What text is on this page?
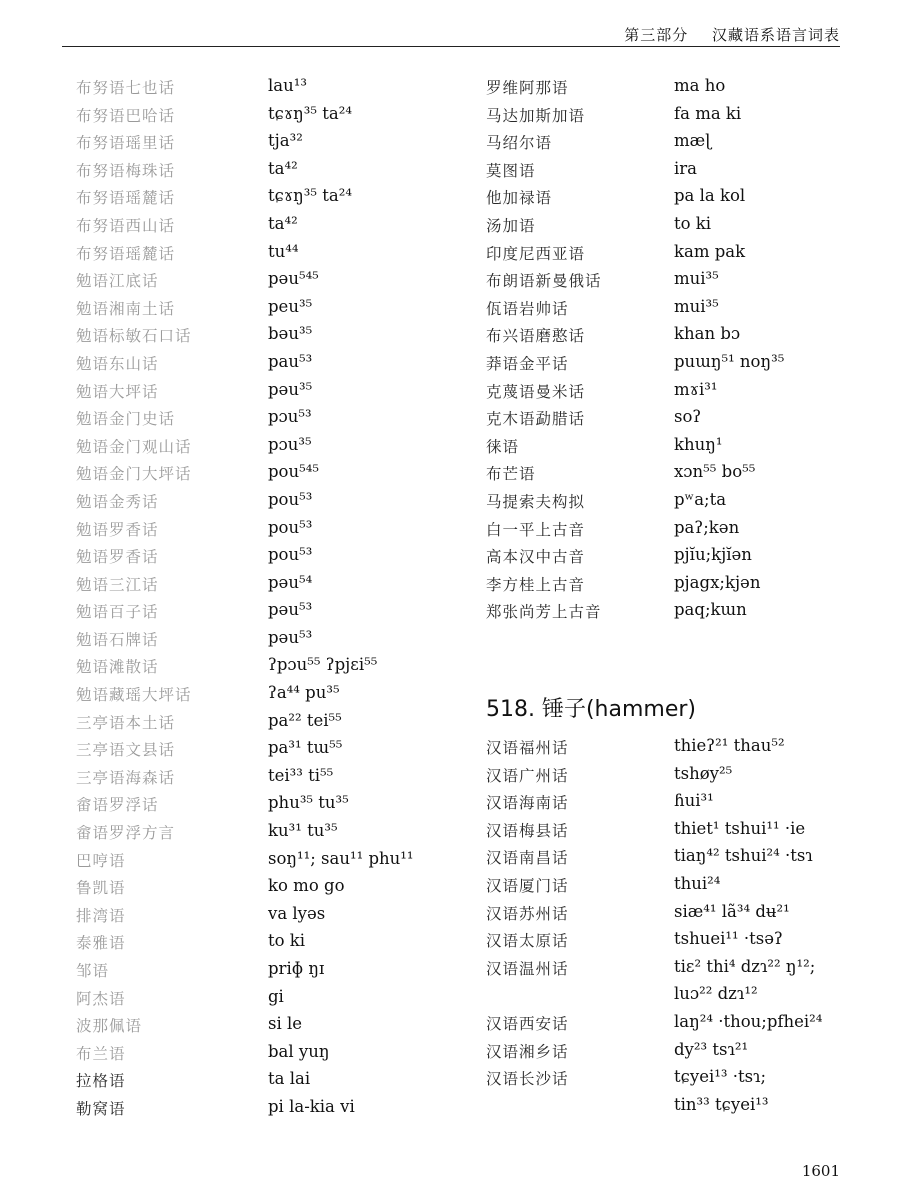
第三部分 汉藏语系语言词表
布努语七也话	lau¹³
布努语巴哈话	tɕɤŋ³⁵ ta²⁴
布努语瑶里话	tja³²
布努语梅珠话	ta⁴²
布努语瑶麓话	tɕɤŋ³⁵ ta²⁴
布努语西山话	ta⁴²
布努语瑶麓话	tu⁴⁴
勉语江底话	pəu⁵⁴⁵
勉语湘南土话	peu³⁵
勉语标敏石口话	bəu³⁵
勉语东山话	pau⁵³
勉语大坪话	pəu³⁵
勉语金门史话	pɔu⁵³
勉语金门观山话	pɔu³⁵
勉语金门大坪话	pou⁵⁴⁵
勉语金秀话	pou⁵³
勉语罗香话	pou⁵³
勉语罗香话	pou⁵³
勉语三江话	pəu⁵⁴
勉语百子话	pəu⁵³
勉语石牌话	pəu⁵³
勉语滩散话	ʔpɔu⁵⁵ ʔpjɛi⁵⁵
勉语藏瑶大坪话	ʔa⁴⁴ pu³⁵
三亭语本土话	pa²² tei⁵⁵
三亭语文县话	pa³¹ tɯ⁵⁵
三亭语海森话	tei³³ ti⁵⁵
畲语罗浮话	phu³⁵ tu³⁵
畲语罗浮方言	ku³¹ tu³⁵
巴哼语	soŋ¹¹; sau¹¹ phu¹¹
鲁凯语	ko mo go
排湾语	va lyəs
泰雅语	to ki
邹语	priɸ ŋɪ
阿杰语	gi
波那佩语	si le
布兰语	bal yuŋ
拉格语	ta lai
勒窝语	pi la-kia vi
罗维阿那语	ma ho
马达加斯加语	fa ma ki
马绍尔语	mæɭ
莫图语	ira
他加禄语	pa la kol
汤加语	to ki
印度尼西亚语	kam pak
布朗语新曼俄话	mui³⁵
佤语岩帅话	mui³⁵
布兴语磨憨话	khan bɔ
莽语金平话	puɯŋ⁵¹ noŋ³⁵
克蔑语曼米话	mɤi³¹
克木语勐腊话	soʔ
徕语	khuŋ¹
布芒语	xɔn⁵⁵ bo⁵⁵
马提索夫构拟	pʷa;ta
白一平上古音	paʔ;kən
高本汉中古音	pjĭu;kjĭən
李方桂上古音	pjagx;kjən
郑张尚芳上古音	paq;kɯn
518. 锤子(hammer)
汉语福州话	thieʔ²¹ thau⁵²
汉语广州话	tshøy²⁵
汉语海南话	ɦui³¹
汉语梅县话	thiet¹ tshui¹¹ ·ie
汉语南昌话	tiaŋ⁴² tshui²⁴ ·tsɿ
汉语厦门话	thui²⁴
汉语苏州话	siæ⁴¹ lã³⁴ dʉ²¹
汉语太原话	tshuei¹¹ ·tsəʔ
汉语温州话	tiɛ² thi⁴ dzɿ²² ŋ¹²;
luɔ²² dzɿ¹²
汉语西安话	laŋ²⁴ ·thou;pfhei²⁴
汉语湘乡话	dy²³ tsɿ²¹
汉语长沙话	tɕyei¹³ ·tsɿ;
tin³³ tɕyei¹³
1601
